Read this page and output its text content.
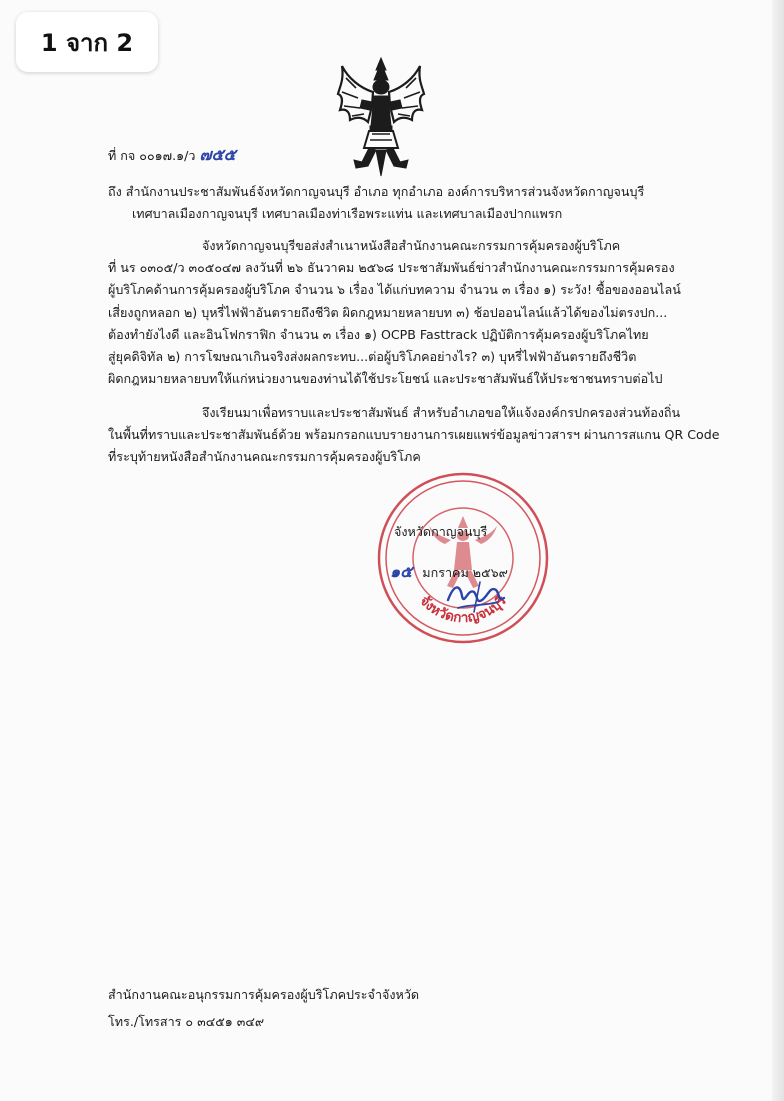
ที่ กจ ๐๐๑๗.๑/ว ๗๕๕
ถึง สำนักงานประชาสัมพันธ์จังหวัดกาญจนบุรี อำเภอ ทุกอำเภอ องค์การบริหารส่วนจังหวัดกาญจนบุรี
เทศบาลเมืองกาญจนบุรี เทศบาลเมืองท่าเรือพระแท่น และเทศบาลเมืองปากแพรก
จังหวัดกาญจนบุรีขอส่งสำเนาหนังสือสำนักงานคณะกรรมการคุ้มครองผู้บริโภค
ที่ นร ๐๓๐๕/ว ๓๐๕๐๔๗ ลงวันที่ ๒๖ ธันวาคม ๒๕๖๘ ประชาสัมพันธ์ข่าวสำนักงานคณะกรรมการคุ้มครอง
ผู้บริโภคด้านการคุ้มครองผู้บริโภค จำนวน ๖ เรื่อง ได้แก่บทความ จำนวน ๓ เรื่อง ๑) ระวัง! ซื้อของออนไลน์
เสี่ยงถูกหลอก ๒) บุหรี่ไฟฟ้าอันตรายถึงชีวิต ผิดกฎหมายหลายบท ๓) ช้อปออนไลน์แล้วได้ของไม่ตรงปก...
ต้องทำยังไงดี และอินโฟกราฟิก จำนวน ๓ เรื่อง ๑) OCPB Fasttrack ปฏิบัติการคุ้มครองผู้บริโภคไทย
สู่ยุคดิจิทัล ๒) การโฆษณาเกินจริงส่งผลกระทบ...ต่อผู้บริโภคอย่างไร? ๓) บุหรี่ไฟฟ้าอันตรายถึงชีวิต
ผิดกฎหมายหลายบทให้แก่หน่วยงานของท่านได้ใช้ประโยชน์ และประชาสัมพันธ์ให้ประชาชนทราบต่อไป
จึงเรียนมาเพื่อทราบและประชาสัมพันธ์ สำหรับอำเภอขอให้แจ้งองค์กรปกครองส่วนท้องถิ่น
ในพื้นที่ทราบและประชาสัมพันธ์ด้วย พร้อมกรอกแบบรายงานการเผยแพร่ข้อมูลข่าวสารฯ ผ่านการสแกน QR Code
ที่ระบุท้ายหนังสือสำนักงานคณะกรรมการคุ้มครองผู้บริโภค
จังหวัดกาญจนบุรี
จังหวัดกาญจนบุรี
๑๕ มกราคม ๒๕๖๙
สำนักงานคณะอนุกรรมการคุ้มครองผู้บริโภคประจำจังหวัด
โทร./โทรสาร ๐ ๓๔๕๑ ๓๔๙
1 จาก 2
